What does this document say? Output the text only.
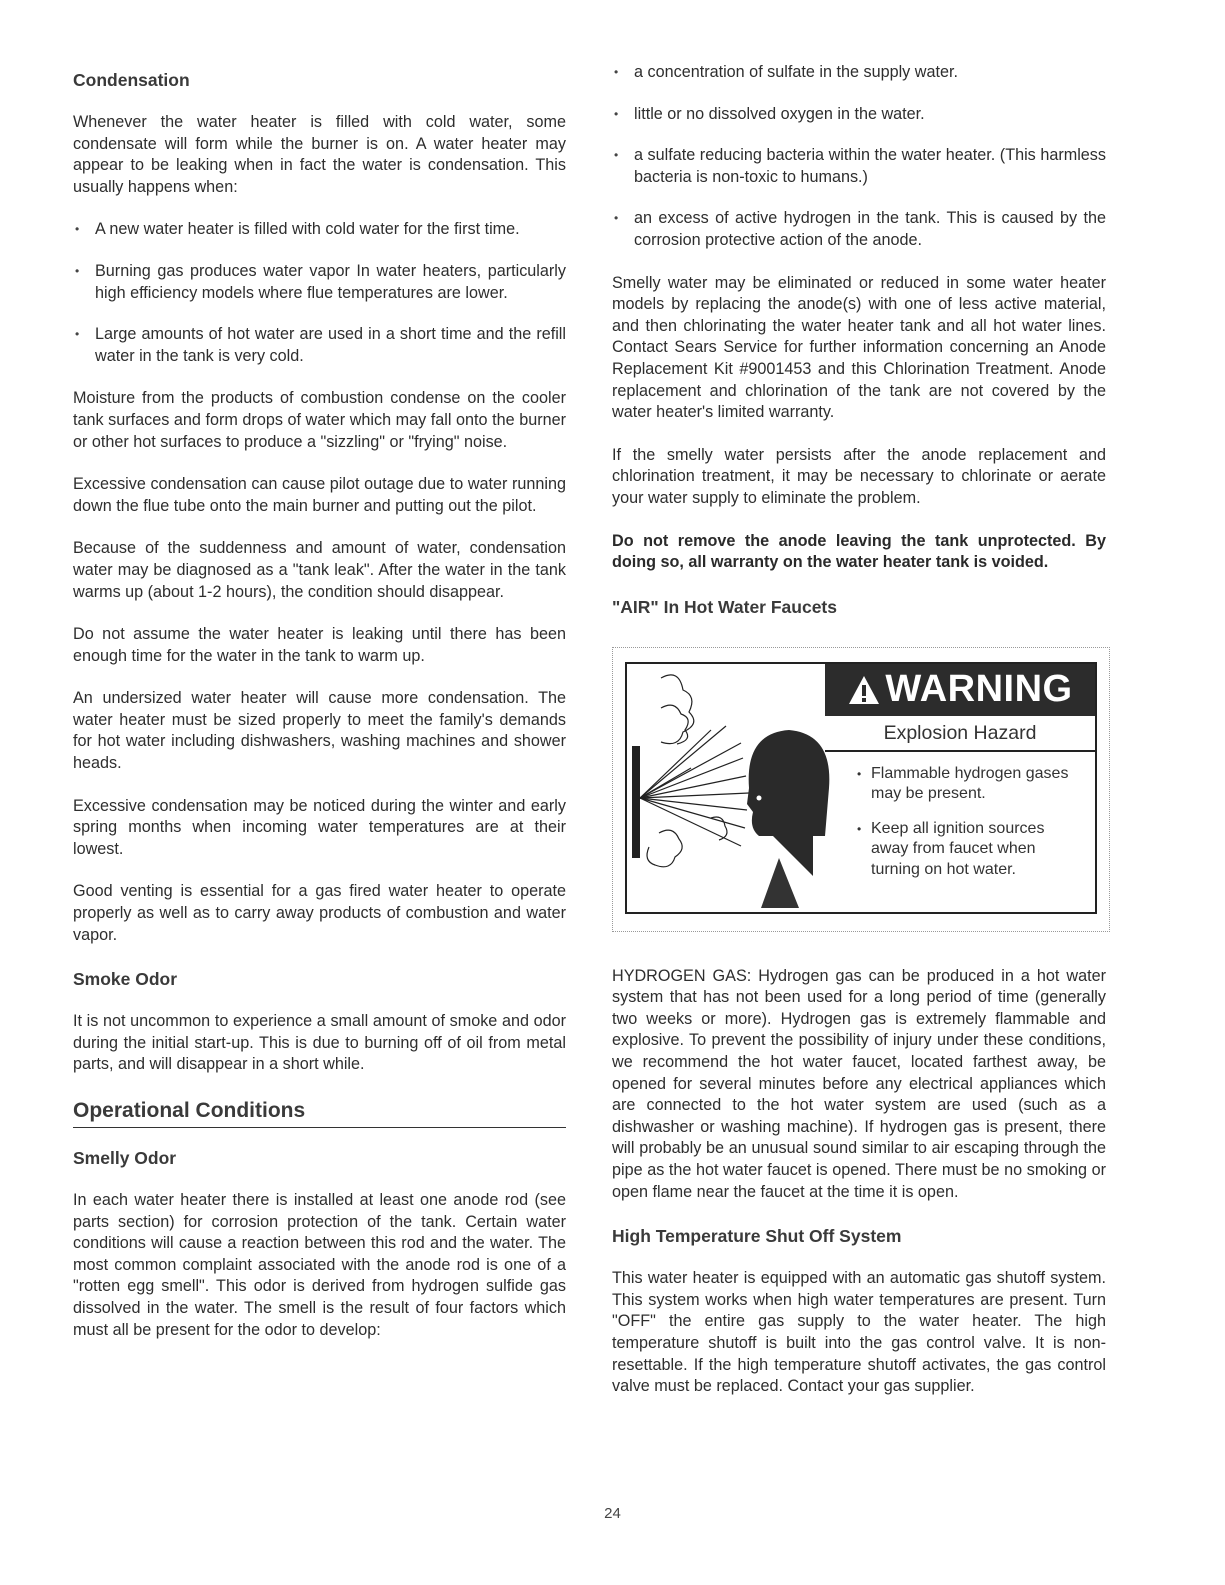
Condensation

Whenever the water heater is filled with cold water, some condensate will form while the burner is on. A water heater may appear to be leaking when in fact the water is condensation. This usually happens when:

• A new water heater is filled with cold water for the first time.
• Burning gas produces water vapor In water heaters, particularly high efficiency models where flue temperatures are lower.
• Large amounts of hot water are used in a short time and the refill water in the tank is very cold.

Moisture from the products of combustion condense on the cooler tank surfaces and form drops of water which may fall onto the burner or other hot surfaces to produce a "sizzling" or "frying" noise.

Excessive condensation can cause pilot outage due to water running down the flue tube onto the main burner and putting out the pilot.

Because of the suddenness and amount of water, condensation water may be diagnosed as a "tank leak". After the water in the tank warms up (about 1-2 hours), the condition should disappear.

Do not assume the water heater is leaking until there has been enough time for the water in the tank to warm up.

An undersized water heater will cause more condensation. The water heater must be sized properly to meet the family's demands for hot water including dishwashers, washing machines and shower heads.

Excessive condensation may be noticed during the winter and early spring months when incoming water temperatures are at their lowest.

Good venting is essential for a gas fired water heater to operate properly as well as to carry away products of combustion and water vapor.

Smoke Odor

It is not uncommon to experience a small amount of smoke and odor during the initial start-up. This is due to burning off of oil from metal parts, and will disappear in a short while.

Operational Conditions
Smelly Odor

In each water heater there is installed at least one anode rod (see parts section) for corrosion protection of the tank. Certain water conditions will cause a reaction between this rod and the water. The most common complaint associated with the anode rod is one of a "rotten egg smell". This odor is derived from hydrogen sulfide gas dissolved in the water. The smell is the result of four factors which must all be present for the odor to develop:

• a concentration of sulfate in the supply water.
• little or no dissolved oxygen in the water.
• a sulfate reducing bacteria within the water heater. (This harmless bacteria is non-toxic to humans.)
• an excess of active hydrogen in the tank. This is caused by the corrosion protective action of the anode.

Smelly water may be eliminated or reduced in some water heater models by replacing the anode(s) with one of less active material, and then chlorinating the water heater tank and all hot water lines. Contact Sears Service for further information concerning an Anode Replacement Kit #9001453 and this Chlorination Treatment. Anode replacement and chlorination of the tank are not covered by the water heater's limited warranty.

If the smelly water persists after the anode replacement and chlorination treatment, it may be necessary to chlorinate or aerate your water supply to eliminate the problem.

Do not remove the anode leaving the tank unprotected. By doing so, all warranty on the water heater tank is voided.

"AIR" In Hot Water Faucets
WARNING
Explosion Hazard
• Flammable hydrogen gases may be present.
• Keep all ignition sources away from faucet when turning on hot water.

HYDROGEN GAS: Hydrogen gas can be produced in a hot water system that has not been used for a long period of time (generally two weeks or more). Hydrogen gas is extremely flammable and explosive. To prevent the possibility of injury under these conditions, we recommend the hot water faucet, located farthest away, be opened for several minutes before any electrical appliances which are connected to the hot water system are used (such as a dishwasher or washing machine). If hydrogen gas is present, there will probably be an unusual sound similar to air escaping through the pipe as the hot water faucet is opened. There must be no smoking or open flame near the faucet at the time it is open.

High Temperature Shut Off System

This water heater is equipped with an automatic gas shutoff system. This system works when high water temperatures are present. Turn "OFF" the entire gas supply to the water heater. The high temperature shutoff is built into the gas control valve. It is non-resettable. If the high temperature shutoff activates, the gas control valve must be replaced. Contact your gas supplier.

24
